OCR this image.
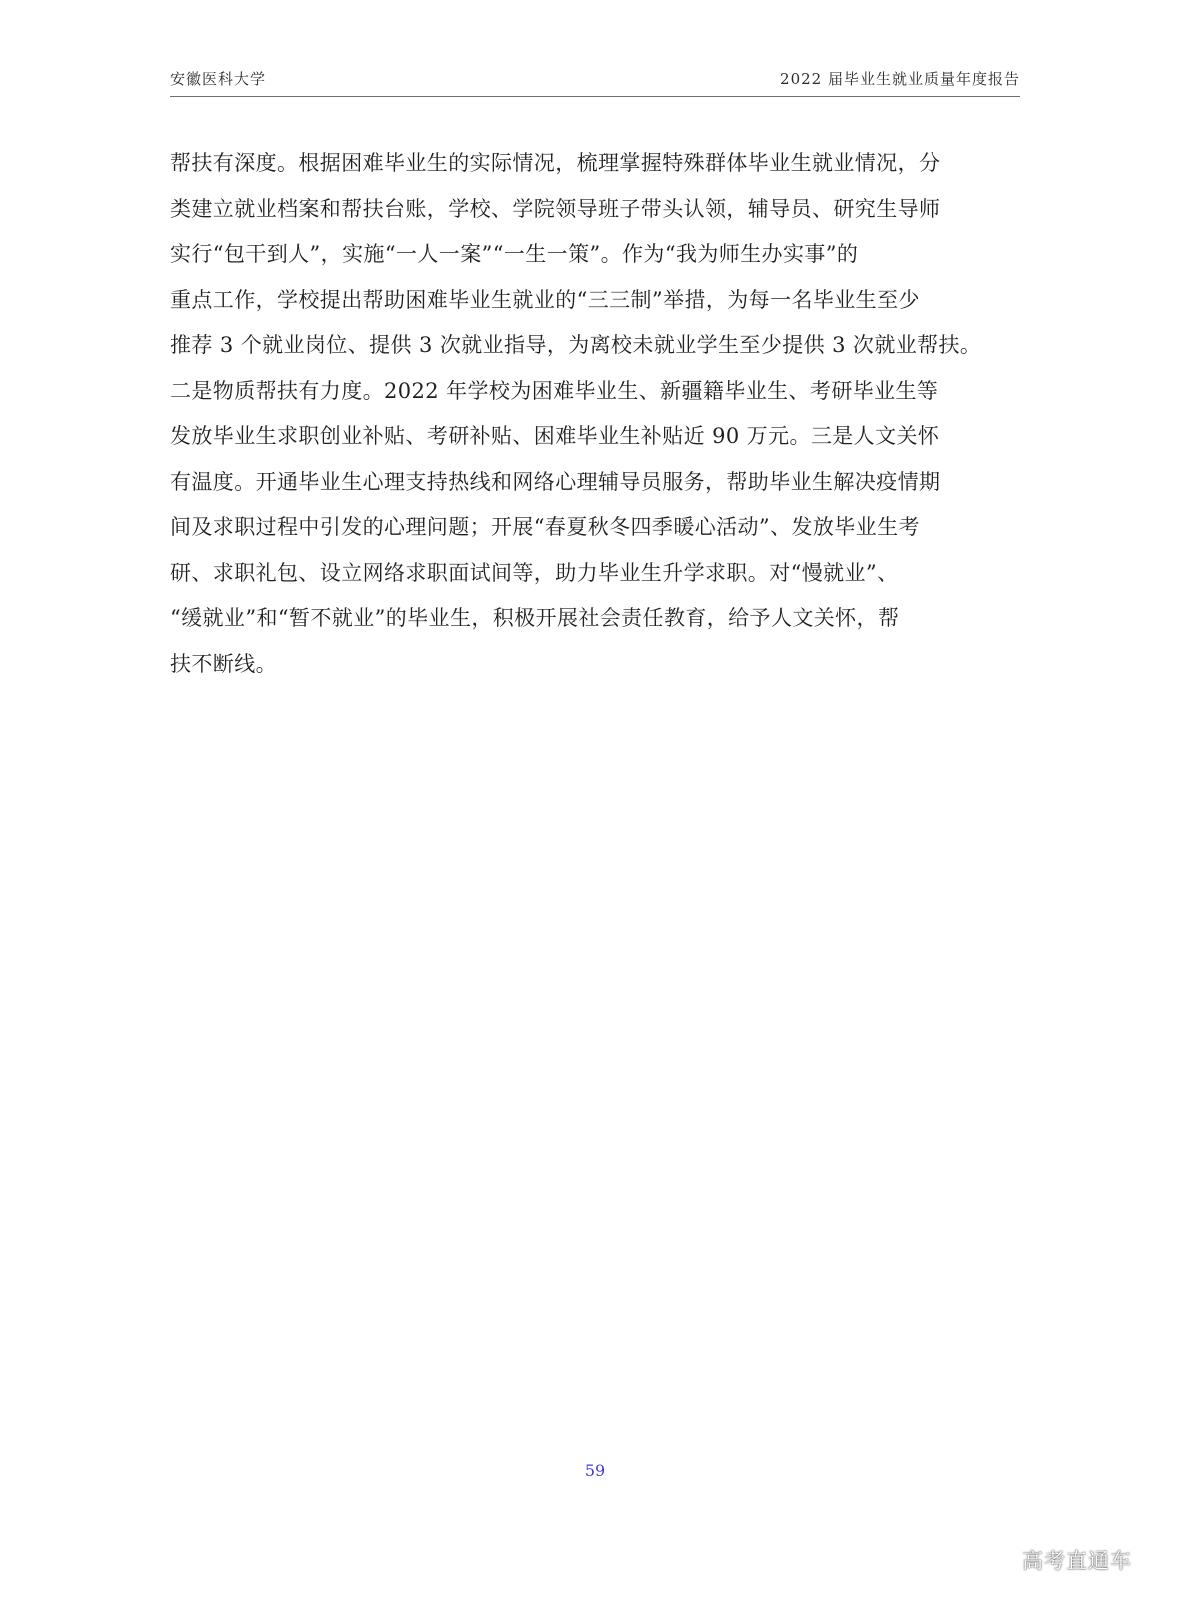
安徽医科大学	2022 届毕业生就业质量年度报告
帮扶有深度。根据困难毕业生的实际情况，梳理掌握特殊群体毕业生就业情况，分
类建立就业档案和帮扶台账，学校、学院领导班子带头认领，辅导员、研究生导师
实行“包干到人”，实施“一人一案”“一生一策”。作为“我为师生办实事”的
重点工作，学校提出帮助困难毕业生就业的“三三制”举措，为每一名毕业生至少
推荐 3 个就业岗位、提供 3 次就业指导，为离校未就业学生至少提供 3 次就业帮扶。
二是物质帮扶有力度。2022 年学校为困难毕业生、新疆籍毕业生、考研毕业生等
发放毕业生求职创业补贴、考研补贴、困难毕业生补贴近 90 万元。三是人文关怀
有温度。开通毕业生心理支持热线和网络心理辅导员服务，帮助毕业生解决疫情期
间及求职过程中引发的心理问题；开展“春夏秋冬四季暖心活动”、发放毕业生考
研、求职礼包、设立网络求职面试间等，助力毕业生升学求职。对“慢就业”、
“缓就业”和“暂不就业”的毕业生，积极开展社会责任教育，给予人文关怀，帮
扶不断线。
59
高考直通车
